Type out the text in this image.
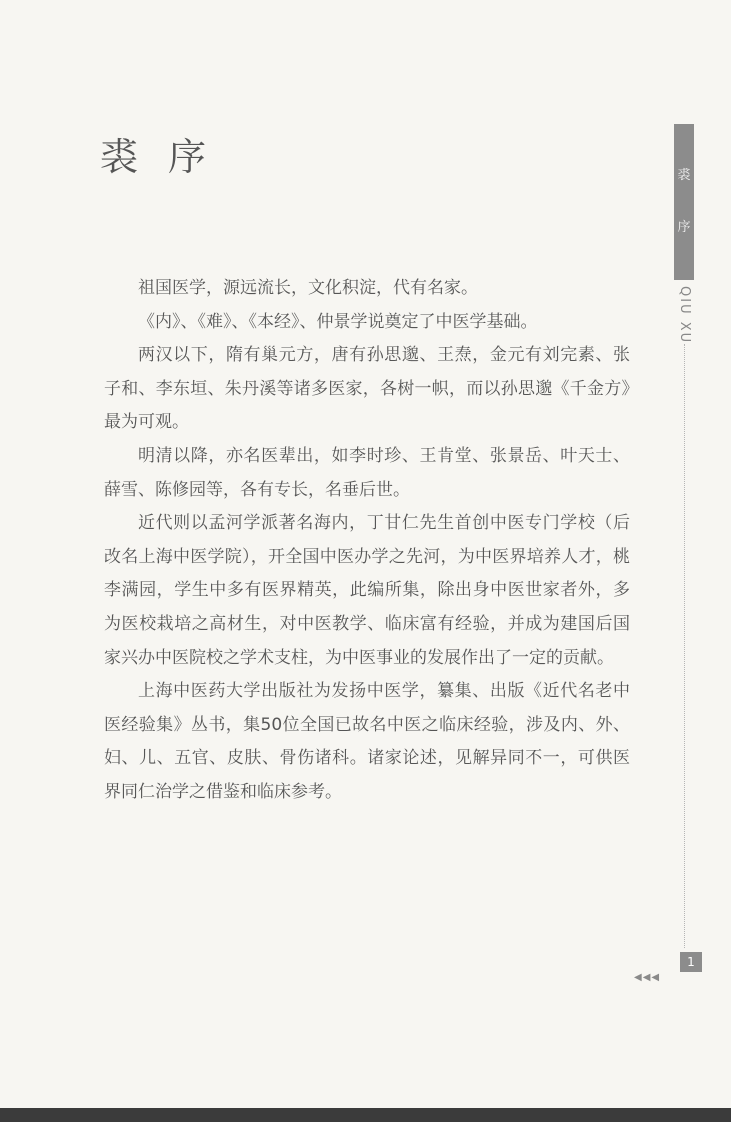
裘序

祖国医学，源远流长，文化积淀，代有名家。

《内》、《难》、《本经》、仲景学说奠定了中医学基础。

两汉以下，隋有巢元方，唐有孙思邈、王焘，金元有刘完素、张子和、李东垣、朱丹溪等诸多医家，各树一帜，而以孙思邈《千金方》最为可观。

明清以降，亦名医辈出，如李时珍、王肯堂、张景岳、叶天士、薛雪、陈修园等，各有专长，名垂后世。

近代则以孟河学派著名海内，丁甘仁先生首创中医专门学校（后改名上海中医学院），开全国中医办学之先河，为中医界培养人才，桃李满园，学生中多有医界精英，此编所集，除出身中医世家者外，多为医校栽培之高材生，对中医教学、临床富有经验，并成为建国后国家兴办中医院校之学术支柱，为中医事业的发展作出了一定的贡献。

上海中医药大学出版社为发扬中医学，纂集、出版《近代名老中医经验集》丛书，集50位全国已故名中医之临床经验，涉及内、外、妇、儿、五官、皮肤、骨伤诸科。诸家论述，见解异同不一，可供医界同仁治学之借鉴和临床参考。

裘
序
QIU XU
1
◀◀◀
